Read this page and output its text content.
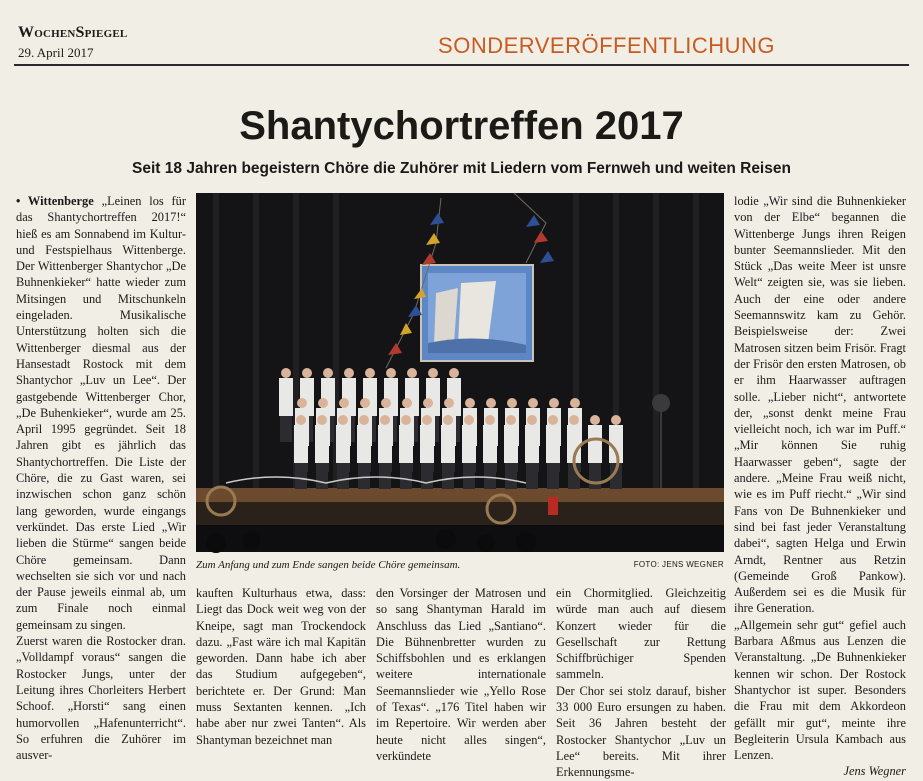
WochenSpiegel
29. April 2017	SONDERVERÖFFENTLICHUNG
Shantychortreffen 2017
Seit 18 Jahren begeistern Chöre die Zuhörer mit Liedern vom Fernweh und weiten Reisen

• Wittenberge „Leinen los für das Shantychortreffen 2017!“ hieß es am Sonnabend im Kultur- und Festspielhaus Wittenberge. Der Wittenberger Shantychor „De Buhnenkieker“ hatte wieder zum Mitsingen und Mitschunkeln eingeladen. Musikalische Unterstützung holten sich die Wittenberger diesmal aus der Hansestadt Rostock mit dem Shantychor „Luv un Lee“. Der gastgebende Wittenberger Chor, „De Buhenkieker“, wurde am 25. April 1995 gegründet. Seit 18 Jahren gibt es jährlich das Shantychortreffen. Die Liste der Chöre, die zu Gast waren, sei inzwischen schon ganz schön lang geworden, wurde eingangs verkündet. Das erste Lied „Wir lieben die Stürme“ sangen beide Chöre gemeinsam. Dann wechselten sie sich vor und nach der Pause jeweils einmal ab, um zum Finale noch einmal gemeinsam zu singen.

Zuerst waren die Rostocker dran. „Volldampf voraus“ sangen die Rostocker Jungs, unter der Leitung ihres Chorleiters Herbert Schoof. „Horsti“ sang einen humorvollen „Hafenunterricht“. So erfuhren die Zuhörer im ausver-

Zum Anfang und zum Ende sangen beide Chöre gemeinsam.	FOTO: JENS WEGNER

kauften Kulturhaus etwa, dass: Liegt das Dock weit weg von der Kneipe, sagt man Trockendock dazu. „Fast wäre ich mal Kapitän geworden. Dann habe ich aber das Studium aufgegeben“, berichtete er. Der Grund: Man muss Sextanten kennen. „Ich habe aber nur zwei Tanten“. Als Shantyman bezeichnet man

den Vorsinger der Matrosen und so sang Shantyman Harald im Anschluss das Lied „Santiano“. Die Bühnenbretter wurden zu Schiffsbohlen und es erklangen weitere internationale Seemannslieder wie „Yello Rose of Texas“. „176 Titel haben wir im Repertoire. Wir werden aber heute nicht alles singen“, verkündete

ein Chormitglied. Gleichzeitig würde man auch auf diesem Konzert wieder für die Gesellschaft zur Rettung Schiffbrüchiger Spenden sammeln.

Der Chor sei stolz darauf, bisher 33 000 Euro ersungen zu haben. Seit 36 Jahren besteht der Rostocker Shantychor „Luv un Lee“ bereits. Mit ihrer Erkennungsme-

lodie „Wir sind die Buhnenkieker von der Elbe“ begannen die Wittenberge Jungs ihren Reigen bunter Seemannslieder. Mit den Stück „Das weite Meer ist unsre Welt“ zeigten sie, was sie lieben. Auch der eine oder andere Seemannswitz kam zu Gehör. Beispielsweise der: Zwei Matrosen sitzen beim Frisör. Fragt der Frisör den ersten Matrosen, ob er ihm Haarwasser auftragen solle. „Lieber nicht“, antwortete der, „sonst denkt meine Frau vielleicht noch, ich war im Puff.“ „Mir können Sie ruhig Haarwasser geben“, sagte der andere. „Meine Frau weiß nicht, wie es im Puff riecht.“ „Wir sind Fans von De Buhnenkieker und sind bei fast jeder Veranstaltung dabei“, sagten Helga und Erwin Arndt, Rentner aus Retzin (Gemeinde Groß Pankow). Außerdem sei es die Musik für ihre Generation.

„Allgemein sehr gut“ gefiel auch Barbara Aßmus aus Lenzen die Veranstaltung. „De Buhnenkieker kennen wir schon. Der Rostock Shantychor ist super. Besonders die Frau mit dem Akkordeon gefällt mir gut“, meinte ihre Begleiterin Ursula Kambach aus Lenzen.

Jens Wegner
